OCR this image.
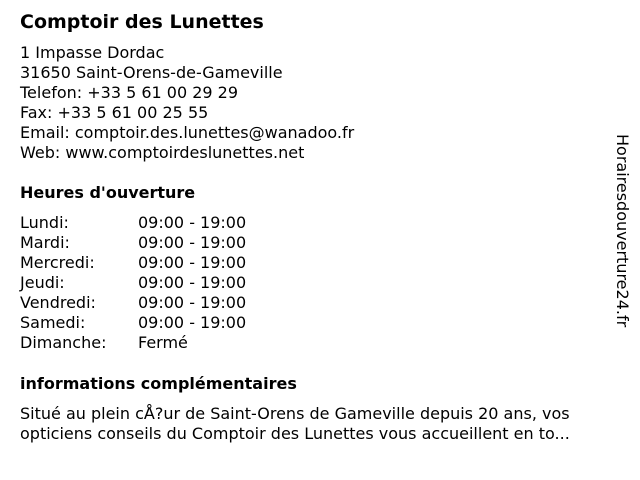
Comptoir des Lunettes
1 Impasse Dordac
31650 Saint-Orens-de-Gameville
Telefon: +33 5 61 00 29 29
Fax: +33 5 61 00 25 55
Email: comptoir.des.lunettes@wanadoo.fr
Web: www.comptoirdeslunettes.net
Heures d'ouverture
Lundi:	09:00 - 19:00
Mardi:	09:00 - 19:00
Mercredi:	09:00 - 19:00
Jeudi:	09:00 - 19:00
Vendredi:	09:00 - 19:00
Samedi:	09:00 - 19:00
Dimanche: Fermé
informations complémentaires
Situé au plein cÅ?ur de Saint-Orens de Gameville depuis 20 ans, vos
opticiens conseils du Comptoir des Lunettes vous accueillent en to...
Horairesdouverture24.fr
